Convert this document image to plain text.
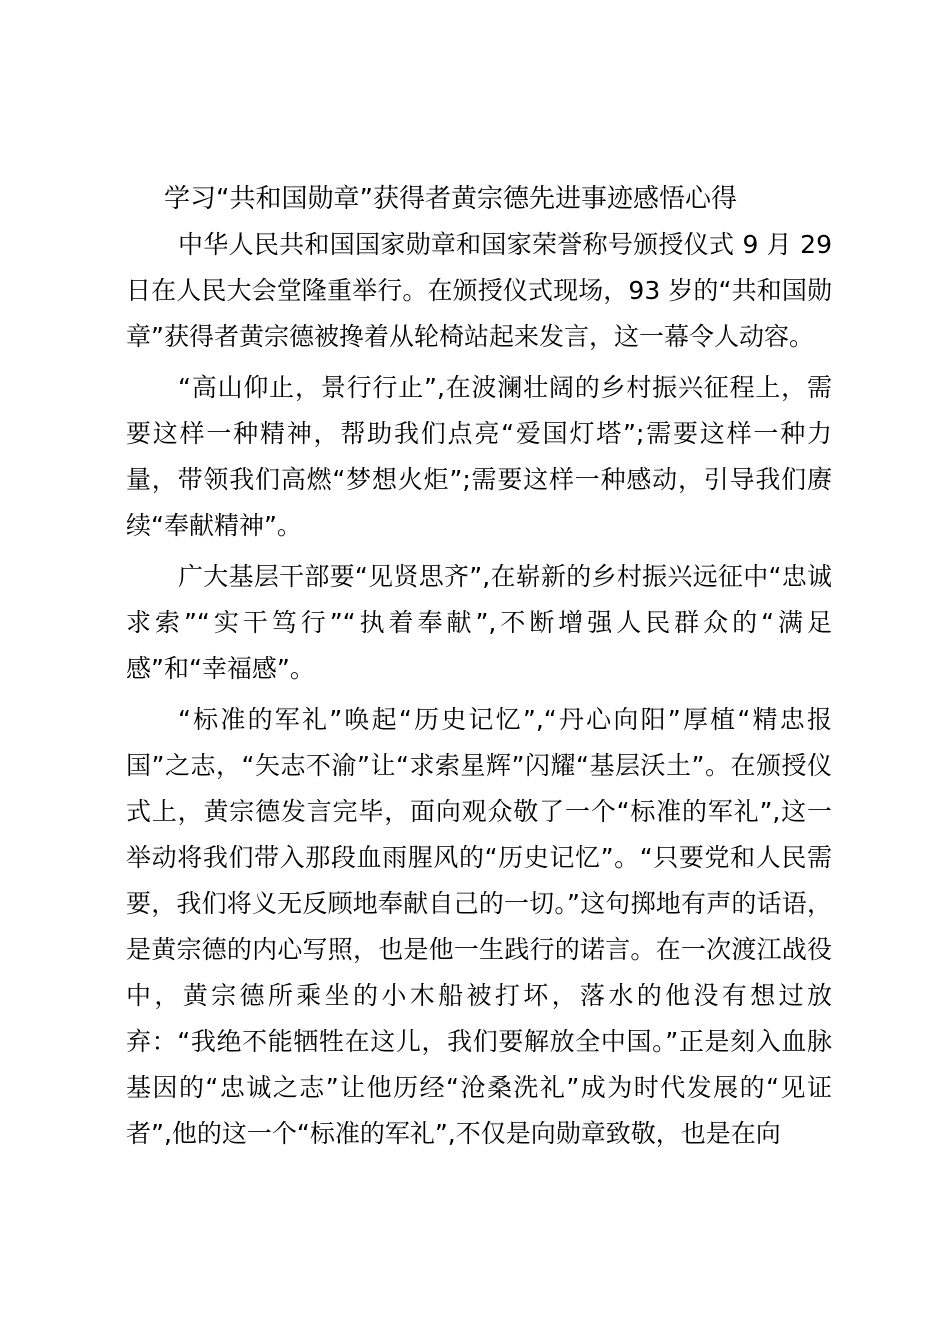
学习“共和国勋章”获得者黄宗德先进事迹感悟心得

中华人民共和国国家勋章和国家荣誉称号颁授仪式 9 月 29 日在人民大会堂隆重举行。在颁授仪式现场，93 岁的“共和国勋章”获得者黄宗德被搀着从轮椅站起来发言，这一幕令人动容。

“高山仰止，景行行止”,在波澜壮阔的乡村振兴征程上，需要这样一种精神，帮助我们点亮“爱国灯塔”;需要这样一种力量，带领我们高燃“梦想火炬”;需要这样一种感动，引导我们赓续“奉献精神”。

广大基层干部要“见贤思齐”,在崭新的乡村振兴远征中“忠诚求索”“实干笃行”“执着奉献”,不断增强人民群众的“满足感”和“幸福感”。

“标准的军礼”唤起“历史记忆”,“丹心向阳”厚植“精忠报国”之志，“矢志不渝”让“求索星辉”闪耀“基层沃土”。在颁授仪式上，黄宗德发言完毕，面向观众敬了一个“标准的军礼”,这一举动将我们带入那段血雨腥风的“历史记忆”。“只要党和人民需要，我们将义无反顾地奉献自己的一切。”这句掷地有声的话语，是黄宗德的内心写照，也是他一生践行的诺言。在一次渡江战役中，黄宗德所乘坐的小木船被打坏，落水的他没有想过放弃：“我绝不能牺牲在这儿，我们要解放全中国。”正是刻入血脉基因的“忠诚之志”让他历经“沧桑洗礼”成为时代发展的“见证者”,他的这一个“标准的军礼”,不仅是向勋章致敬，也是在向
